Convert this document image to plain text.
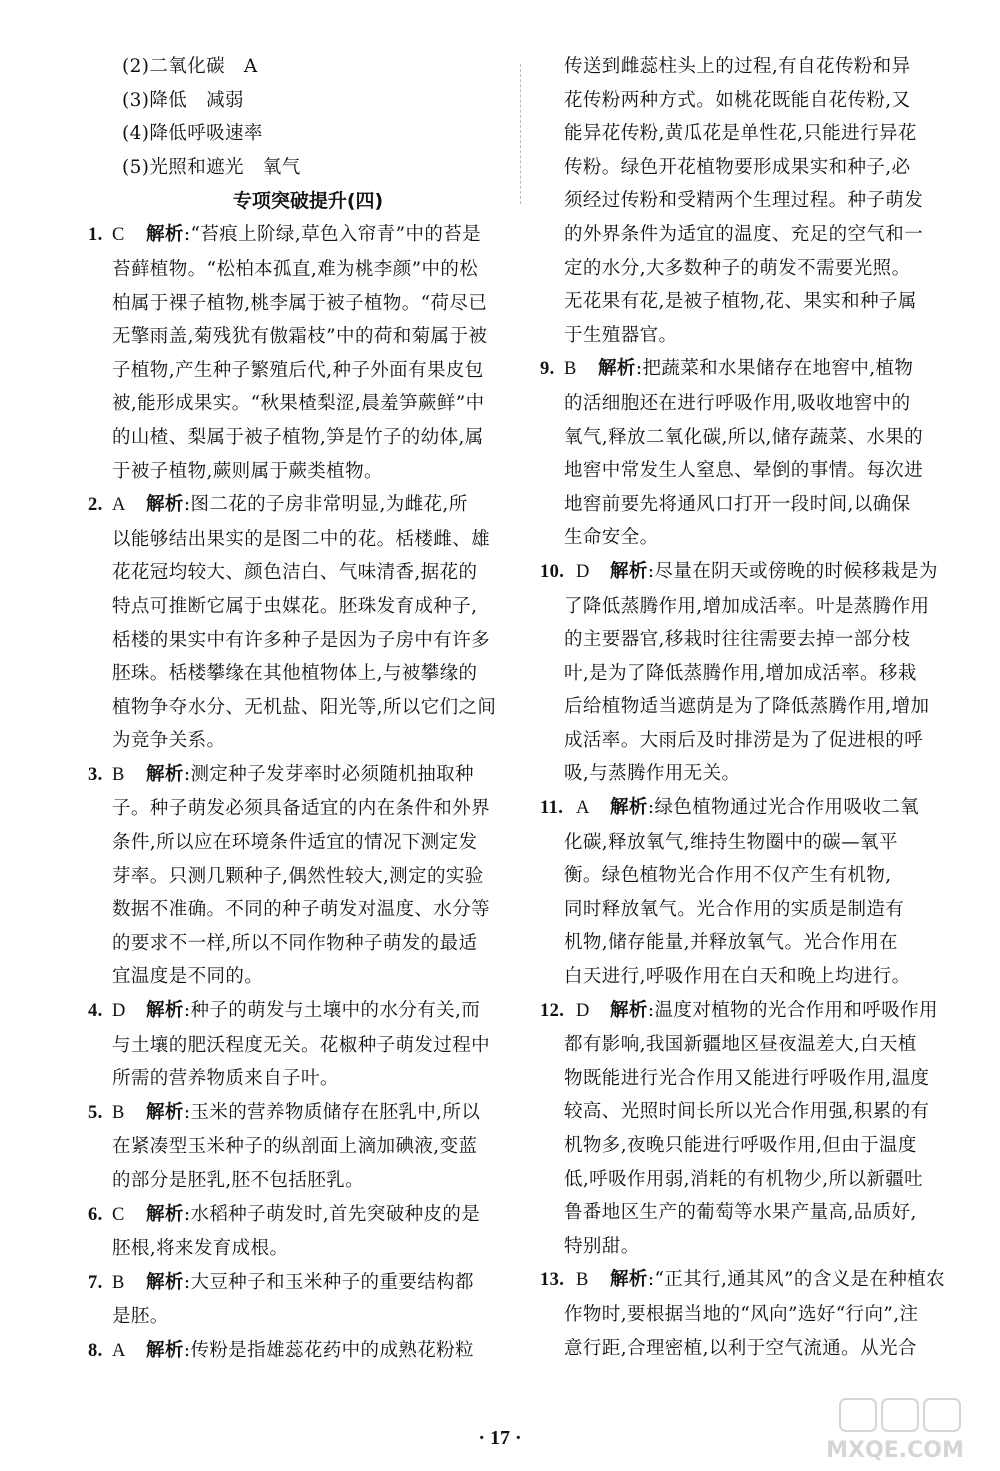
(2)二氧化碳　A
(3)降低　减弱
(4)降低呼吸速率
(5)光照和遮光　氧气
专项突破提升(四)
1. C 解析:“苔痕上阶绿,草色入帘青”中的苔是
苔藓植物。“松柏本孤直,难为桃李颜”中的松
柏属于裸子植物,桃李属于被子植物。“荷尽已
无擎雨盖,菊残犹有傲霜枝”中的荷和菊属于被
子植物,产生种子繁殖后代,种子外面有果皮包
被,能形成果实。“秋果楂梨涩,晨羞笋蕨鲜”中
的山楂、梨属于被子植物,笋是竹子的幼体,属
于被子植物,蕨则属于蕨类植物。
2. A 解析:图二花的子房非常明显,为雌花,所
以能够结出果实的是图二中的花。栝楼雌、雄
花花冠均较大、颜色洁白、气味清香,据花的
特点可推断它属于虫媒花。胚珠发育成种子,
栝楼的果实中有许多种子是因为子房中有许多
胚珠。栝楼攀缘在其他植物体上,与被攀缘的
植物争夺水分、无机盐、阳光等,所以它们之间
为竞争关系。
3. B 解析:测定种子发芽率时必须随机抽取种
子。种子萌发必须具备适宜的内在条件和外界
条件,所以应在环境条件适宜的情况下测定发
芽率。只测几颗种子,偶然性较大,测定的实验
数据不准确。不同的种子萌发对温度、水分等
的要求不一样,所以不同作物种子萌发的最适
宜温度是不同的。
4. D 解析:种子的萌发与土壤中的水分有关,而
与土壤的肥沃程度无关。花椒种子萌发过程中
所需的营养物质来自子叶。
5. B 解析:玉米的营养物质储存在胚乳中,所以
在紧凑型玉米种子的纵剖面上滴加碘液,变蓝
的部分是胚乳,胚不包括胚乳。
6. C 解析:水稻种子萌发时,首先突破种皮的是
胚根,将来发育成根。
7. B 解析:大豆种子和玉米种子的重要结构都
是胚。
8. A 解析:传粉是指雄蕊花药中的成熟花粉粒
传送到雌蕊柱头上的过程,有自花传粉和异
花传粉两种方式。如桃花既能自花传粉,又
能异花传粉,黄瓜花是单性花,只能进行异花
传粉。绿色开花植物要形成果实和种子,必
须经过传粉和受精两个生理过程。种子萌发
的外界条件为适宜的温度、充足的空气和一
定的水分,大多数种子的萌发不需要光照。
无花果有花,是被子植物,花、果实和种子属
于生殖器官。
9. B 解析:把蔬菜和水果储存在地窖中,植物
的活细胞还在进行呼吸作用,吸收地窖中的
氧气,释放二氧化碳,所以,储存蔬菜、水果的
地窖中常发生人窒息、晕倒的事情。每次进
地窖前要先将通风口打开一段时间,以确保
生命安全。
10. D 解析:尽量在阴天或傍晚的时候移栽是为
了降低蒸腾作用,增加成活率。叶是蒸腾作用
的主要器官,移栽时往往需要去掉一部分枝
叶,是为了降低蒸腾作用,增加成活率。移栽
后给植物适当遮荫是为了降低蒸腾作用,增加
成活率。大雨后及时排涝是为了促进根的呼
吸,与蒸腾作用无关。
11. A 解析:绿色植物通过光合作用吸收二氧
化碳,释放氧气,维持生物圈中的碳—氧平
衡。绿色植物光合作用不仅产生有机物,
同时释放氧气。光合作用的实质是制造有
机物,储存能量,并释放氧气。光合作用在
白天进行,呼吸作用在白天和晚上均进行。
12. D 解析:温度对植物的光合作用和呼吸作用
都有影响,我国新疆地区昼夜温差大,白天植
物既能进行光合作用又能进行呼吸作用,温度
较高、光照时间长所以光合作用强,积累的有
机物多,夜晚只能进行呼吸作用,但由于温度
低,呼吸作用弱,消耗的有机物少,所以新疆吐
鲁番地区生产的葡萄等水果产量高,品质好,
特别甜。
13. B 解析:“正其行,通其风”的含义是在种植农
作物时,要根据当地的“风向”选好“行向”,注
意行距,合理密植,以利于空气流通。从光合
· 17 ·	MXQE.COM
